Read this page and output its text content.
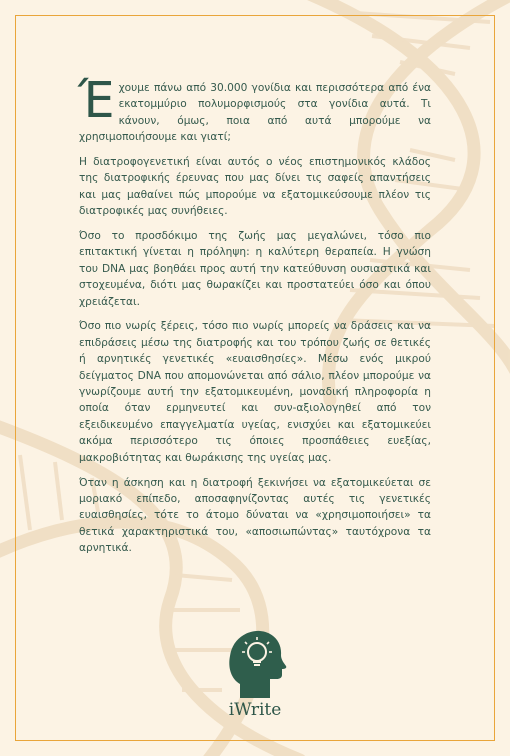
Έχουμε πάνω από 30.000 γονίδια και περισσότερα από ένα εκατομμύριο πολυμορφισμούς στα γονίδια αυτά. Τι κάνουν, όμως, ποια από αυτά μπορούμε να χρησιμοποιήσουμε και γιατί;

Η διατροφογενετική είναι αυτός ο νέος επιστημονικός κλάδος της διατροφικής έρευνας που μας δίνει τις σαφείς απαντήσεις και μας μαθαίνει πώς μπορούμε να εξατομικεύσουμε πλέον τις διατροφικές μας συνήθειες.

Όσο το προσδόκιμο της ζωής μας μεγαλώνει, τόσο πιο επιτακτική γίνεται η πρόληψη: η καλύτερη θεραπεία. Η γνώση του DNA μας βοηθάει προς αυτή την κατεύθυνση ουσιαστικά και στοχευμένα, διότι μας θωρακίζει και προστατεύει όσο και όπου χρειάζεται.

Όσο πιο νωρίς ξέρεις, τόσο πιο νωρίς μπορείς να δράσεις και να επιδράσεις μέσω της διατροφής και του τρόπου ζωής σε θετικές ή αρνητικές γενετικές «ευαισθησίες». Μέσω ενός μικρού δείγματος DNA που απομονώνεται από σάλιο, πλέον μπορούμε να γνωρίζουμε αυτή την εξατομικευμένη, μοναδική πληροφορία η οποία όταν ερμηνευτεί και συν-αξιολογηθεί από τον εξειδικευμένο επαγγελματία υγείας, ενισχύει και εξατομικεύει ακόμα περισσότερο τις όποιες προσπάθειες ευεξίας, μακροβιότητας και θωράκισης της υγείας μας.

Όταν η άσκηση και η διατροφή ξεκινήσει να εξατομικεύεται σε μοριακό επίπεδο, αποσαφηνίζοντας αυτές τις γενετικές ευαισθησίες, τότε το άτομο δύναται να «χρησιμοποιήσει» τα θετικά χαρακτηριστικά του, «αποσιωπώντας» ταυτόχρονα τα αρνητικά.

iWrite
